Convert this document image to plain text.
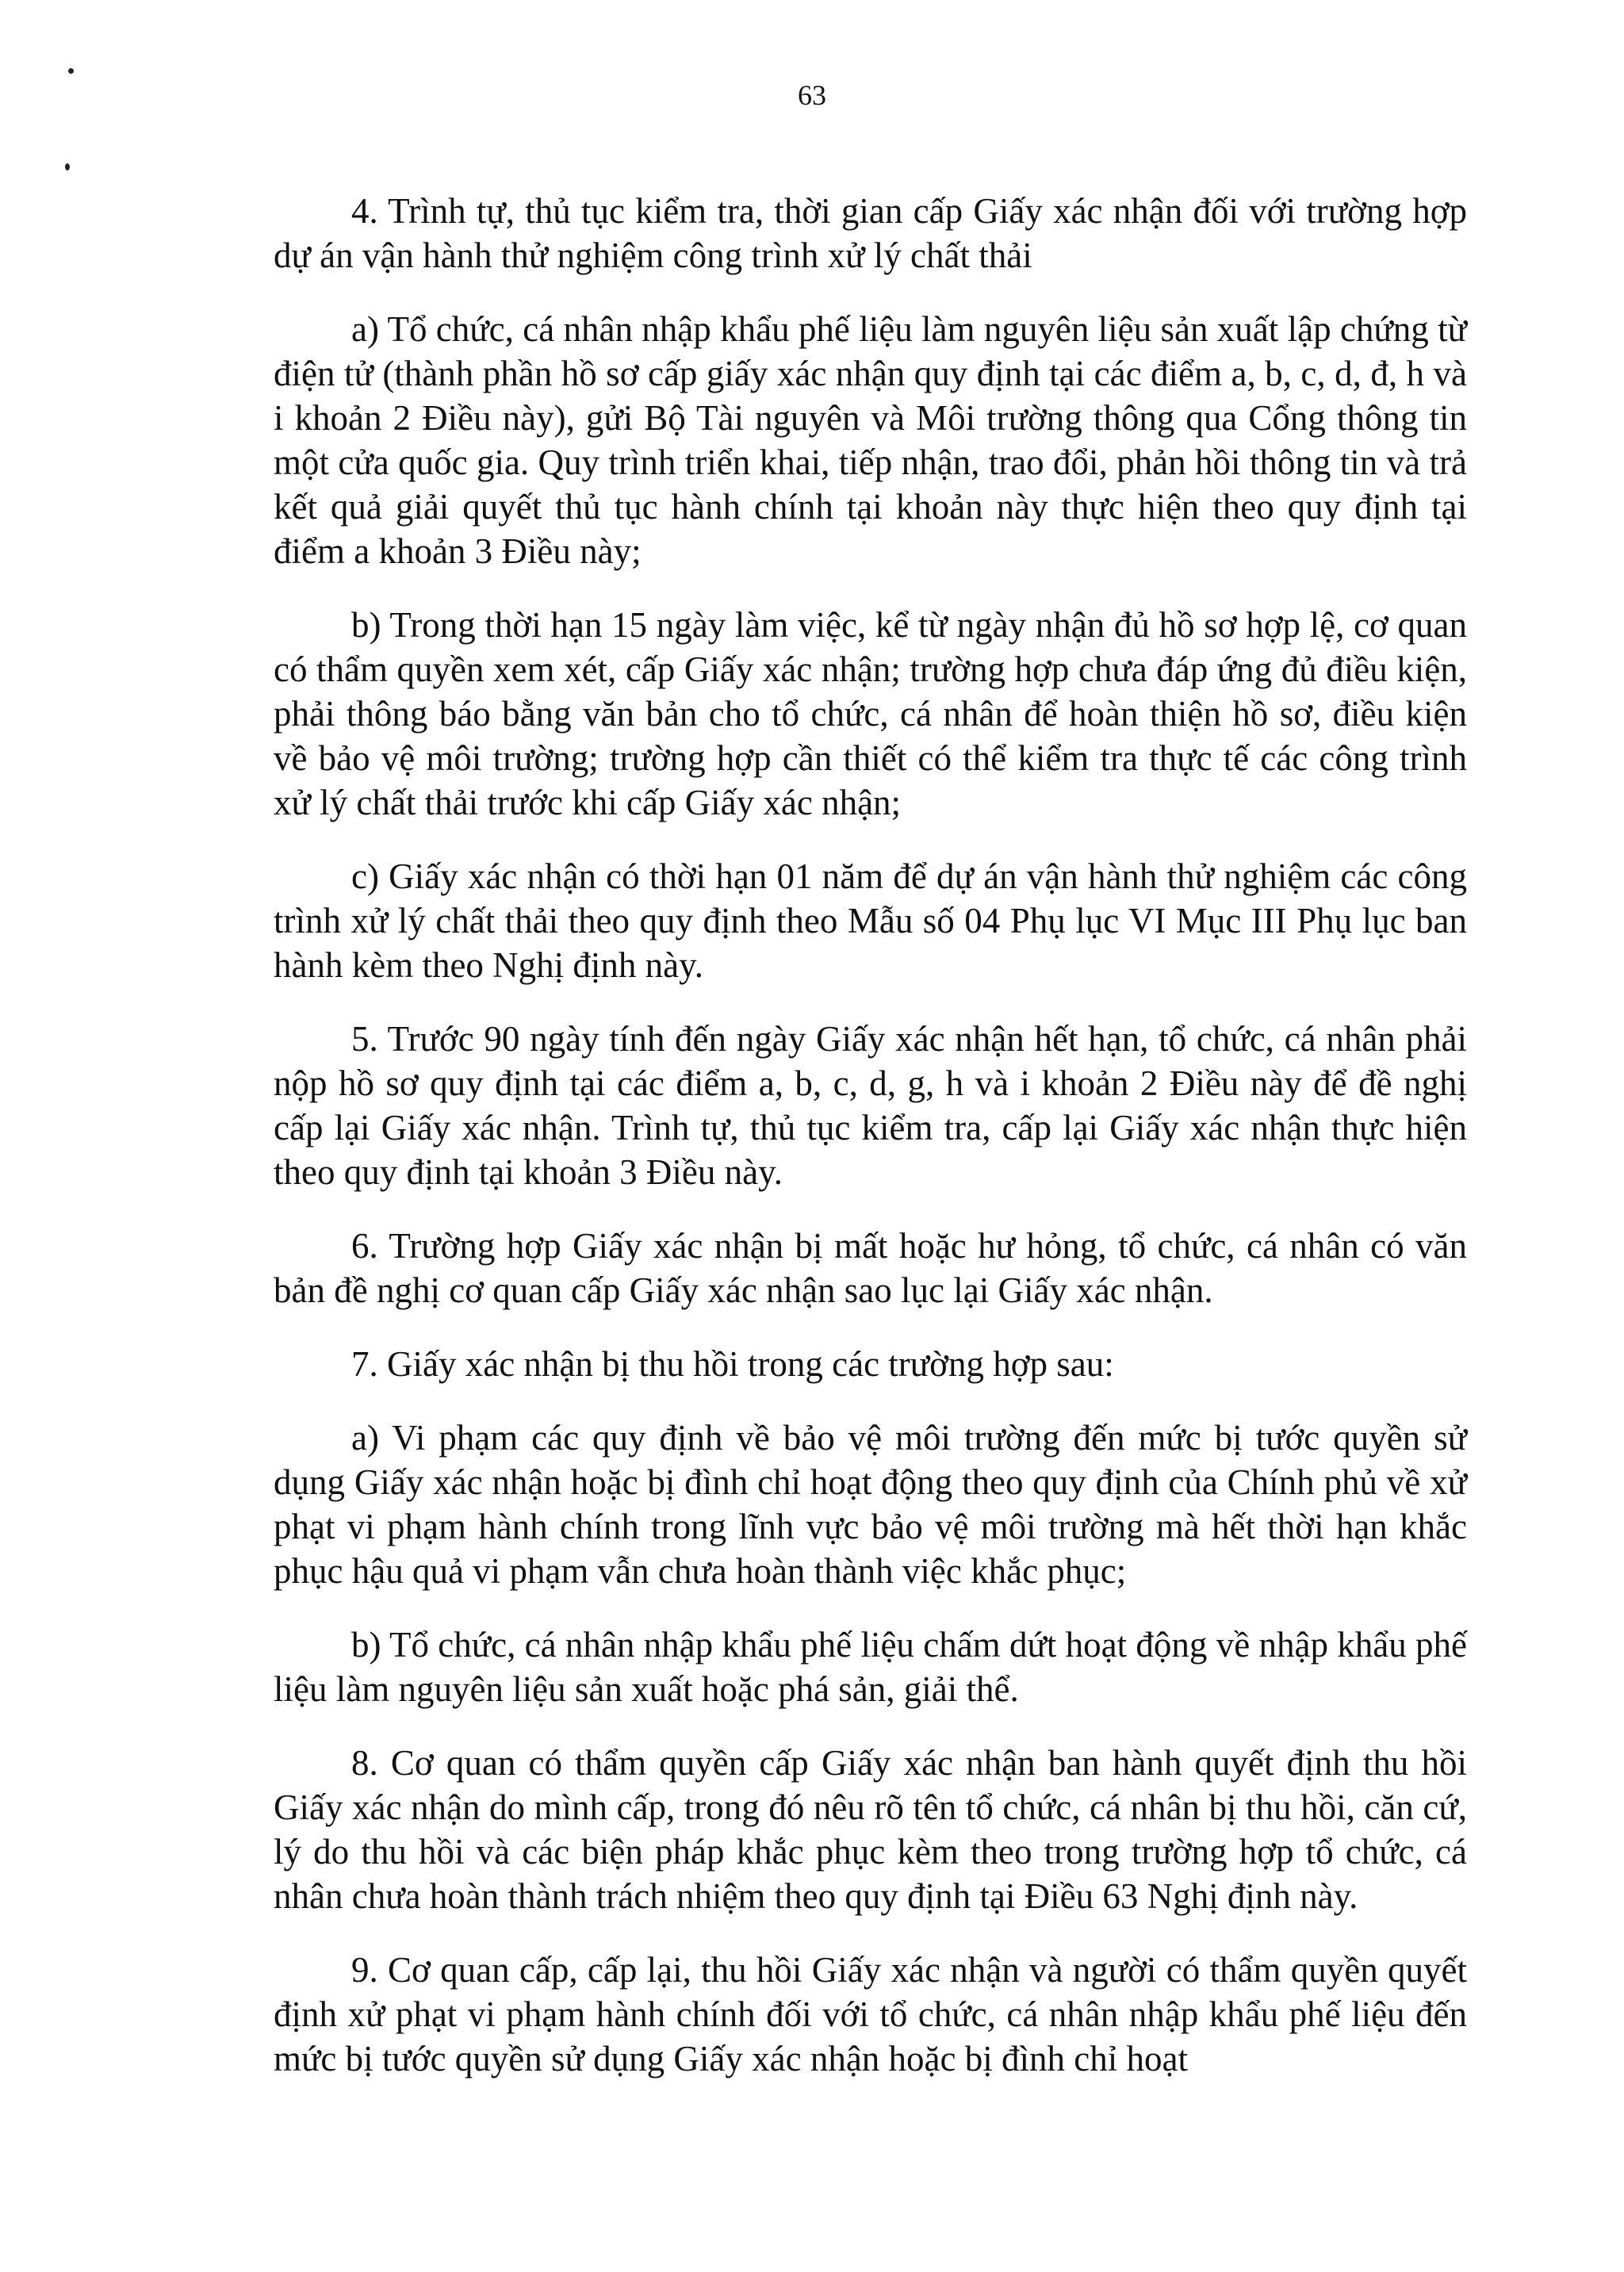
63

4. Trình tự, thủ tục kiểm tra, thời gian cấp Giấy xác nhận đối với trường hợp dự án vận hành thử nghiệm công trình xử lý chất thải

a) Tổ chức, cá nhân nhập khẩu phế liệu làm nguyên liệu sản xuất lập chứng từ điện tử (thành phần hồ sơ cấp giấy xác nhận quy định tại các điểm a, b, c, d, đ, h và i khoản 2 Điều này), gửi Bộ Tài nguyên và Môi trường thông qua Cổng thông tin một cửa quốc gia. Quy trình triển khai, tiếp nhận, trao đổi, phản hồi thông tin và trả kết quả giải quyết thủ tục hành chính tại khoản này thực hiện theo quy định tại điểm a khoản 3 Điều này;

b) Trong thời hạn 15 ngày làm việc, kể từ ngày nhận đủ hồ sơ hợp lệ, cơ quan có thẩm quyền xem xét, cấp Giấy xác nhận; trường hợp chưa đáp ứng đủ điều kiện, phải thông báo bằng văn bản cho tổ chức, cá nhân để hoàn thiện hồ sơ, điều kiện về bảo vệ môi trường; trường hợp cần thiết có thể kiểm tra thực tế các công trình xử lý chất thải trước khi cấp Giấy xác nhận;

c) Giấy xác nhận có thời hạn 01 năm để dự án vận hành thử nghiệm các công trình xử lý chất thải theo quy định theo Mẫu số 04 Phụ lục VI Mục III Phụ lục ban hành kèm theo Nghị định này.

5. Trước 90 ngày tính đến ngày Giấy xác nhận hết hạn, tổ chức, cá nhân phải nộp hồ sơ quy định tại các điểm a, b, c, d, g, h và i khoản 2 Điều này để đề nghị cấp lại Giấy xác nhận. Trình tự, thủ tục kiểm tra, cấp lại Giấy xác nhận thực hiện theo quy định tại khoản 3 Điều này.

6. Trường hợp Giấy xác nhận bị mất hoặc hư hỏng, tổ chức, cá nhân có văn bản đề nghị cơ quan cấp Giấy xác nhận sao lục lại Giấy xác nhận.

7. Giấy xác nhận bị thu hồi trong các trường hợp sau:

a) Vi phạm các quy định về bảo vệ môi trường đến mức bị tước quyền sử dụng Giấy xác nhận hoặc bị đình chỉ hoạt động theo quy định của Chính phủ về xử phạt vi phạm hành chính trong lĩnh vực bảo vệ môi trường mà hết thời hạn khắc phục hậu quả vi phạm vẫn chưa hoàn thành việc khắc phục;

b) Tổ chức, cá nhân nhập khẩu phế liệu chấm dứt hoạt động về nhập khẩu phế liệu làm nguyên liệu sản xuất hoặc phá sản, giải thể.

8. Cơ quan có thẩm quyền cấp Giấy xác nhận ban hành quyết định thu hồi Giấy xác nhận do mình cấp, trong đó nêu rõ tên tổ chức, cá nhân bị thu hồi, căn cứ, lý do thu hồi và các biện pháp khắc phục kèm theo trong trường hợp tổ chức, cá nhân chưa hoàn thành trách nhiệm theo quy định tại Điều 63 Nghị định này.

9. Cơ quan cấp, cấp lại, thu hồi Giấy xác nhận và người có thẩm quyền quyết định xử phạt vi phạm hành chính đối với tổ chức, cá nhân nhập khẩu phế liệu đến mức bị tước quyền sử dụng Giấy xác nhận hoặc bị đình chỉ hoạt
